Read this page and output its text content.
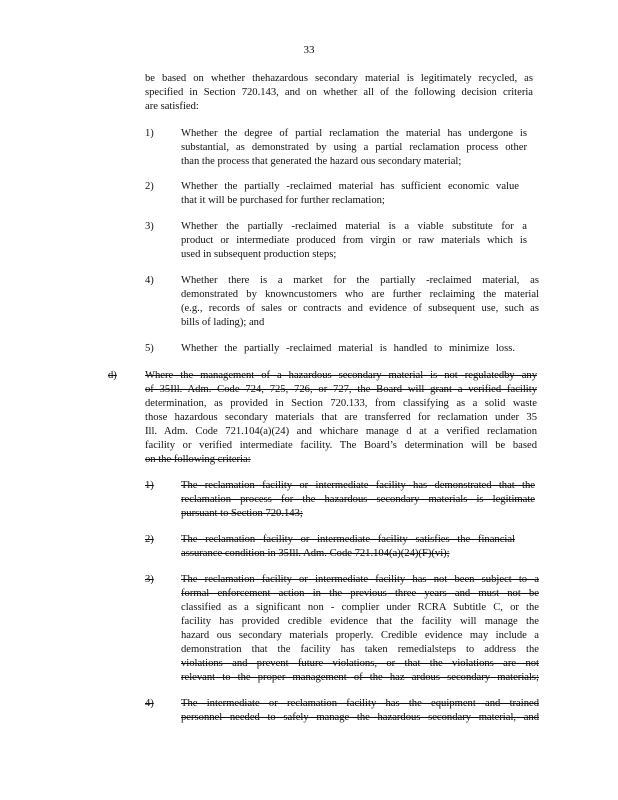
33
be based on whether thehazardous secondary material is legitimately recycled, as
specified in Section 720.143, and on whether all of the following decision criteria
are satisfied:
1)	Whether the degree of partial reclamation the material has undergone is
substantial, as demonstrated by using a partial reclamation process other
than the process that generated the hazard ous secondary material;
2)	Whether the partially -reclaimed material has sufficient economic value
that it will be purchased for further reclamation;
3)	Whether the partially -reclaimed material is a viable substitute for a
product or intermediate produced from virgin or raw materials which is
used in subsequent production steps;
4)	Whether there is a market for the partially -reclaimed material, as
demonstrated by knowncustomers who are further reclaiming the material
(e.g., records of sales or contracts and evidence of subsequent use, such as
bills of lading); and
5)	Whether the partially -reclaimed material is handled to minimize loss.
d)	Where the management of a hazardous secondary material is not regulatedby any
of 35Ill. Adm. Code 724, 725, 726, or 727, the Board will grant a verified facility
determination, as provided in Section 720.133, from classifying as a solid waste
those hazardous secondary materials that are transferred for reclamation under 35
Ill. Adm. Code 721.104(a)(24) and whichare manage d at a verified reclamation
facility or verified intermediate facility. The Board’s determination will be based
on the following criteria:
1)	The reclamation facility or intermediate facility has demonstrated that the
reclamation process for the hazardous secondary materials is legitimate
pursuant to Section 720.143;
2)	The reclamation facility or intermediate facility satisfies the financial
assurance condition in 35Ill. Adm. Code 721.104(a)(24)(F)(vi);
3)	The reclamation facility or intermediate facility has not been subject to a
formal enforcement action in the previous three years and must not be
classified as a significant non - complier under RCRA Subtitle C, or the
facility has provided credible evidence that the facility will manage the
hazard ous secondary materials properly. Credible evidence may include a
demonstration that the facility has taken remedialsteps to address the
violations and prevent future violations, or that the violations are not
relevant to the proper management of the haz ardous secondary materials;
4)	The intermediate or reclamation facility has the equipment and trained
personnel needed to safely manage the hazardous secondary material, and
